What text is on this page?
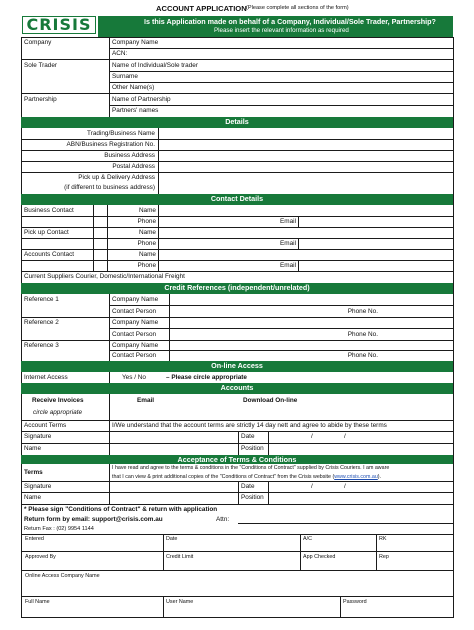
ACCOUNT APPLICATION (Please complete all sections of the form)
CRISIS	Is this Application made on behalf of a Company, Individual/Sole Trader, Partnership?
Please insert the relevant information as required
Company	Company Name
ACN:
Sole Trader	Name of Individual/Sole trader
Surname
Other Name(s)
Partnership	Name of Partnership
Partners' names
Details
Trading/Business Name
ABN/Business Registration No.
Business Address
Postal Address
Pick up & Delivery Address
(if different to business address)
Contact Details
Business Contact	Name
Phone	Email
Pick up Contact	Name
Phone	Email
Accounts Contact	Name
Phone	Email
Current Suppliers Courier, Domestic/International Freight
Credit References (independent/unrelated)
Reference 1	Company Name
Contact Person	Phone No.
Reference 2	Company Name
Contact Person	Phone No.
Reference 3	Company Name
Contact Person	Phone No.
On-line Access
Internet Access	Yes / No	– Please circle appropriate
Accounts
Receive Invoices	Email	Download On-line
circle appropriate
Account Terms	I/We understand that the account terms are strictly 14 day nett and agree to abide by these terms
Signature	Date	/	/
Name	Position
Acceptance of Terms & Conditions
Terms
I have read and agree to the terms & conditions in the "Conditions of Contract" supplied by Crisis Couriers. I am aware
that I can view & print additional copies of the "Conditions of Contract" from the Crisis website (www.crisis.com.au).
Signature	Date	/	/
Name	Position
* Please sign "Conditions of Contract" & return with application
Return form by email: support@crisis.com.au	Attn:
Return Fax : (02) 9954 1144
Entered	Date	A/C	RK
Approved By	Credit Limit	App Checked	Rep
Online Access Company Name
Full Name	User Name	Password
